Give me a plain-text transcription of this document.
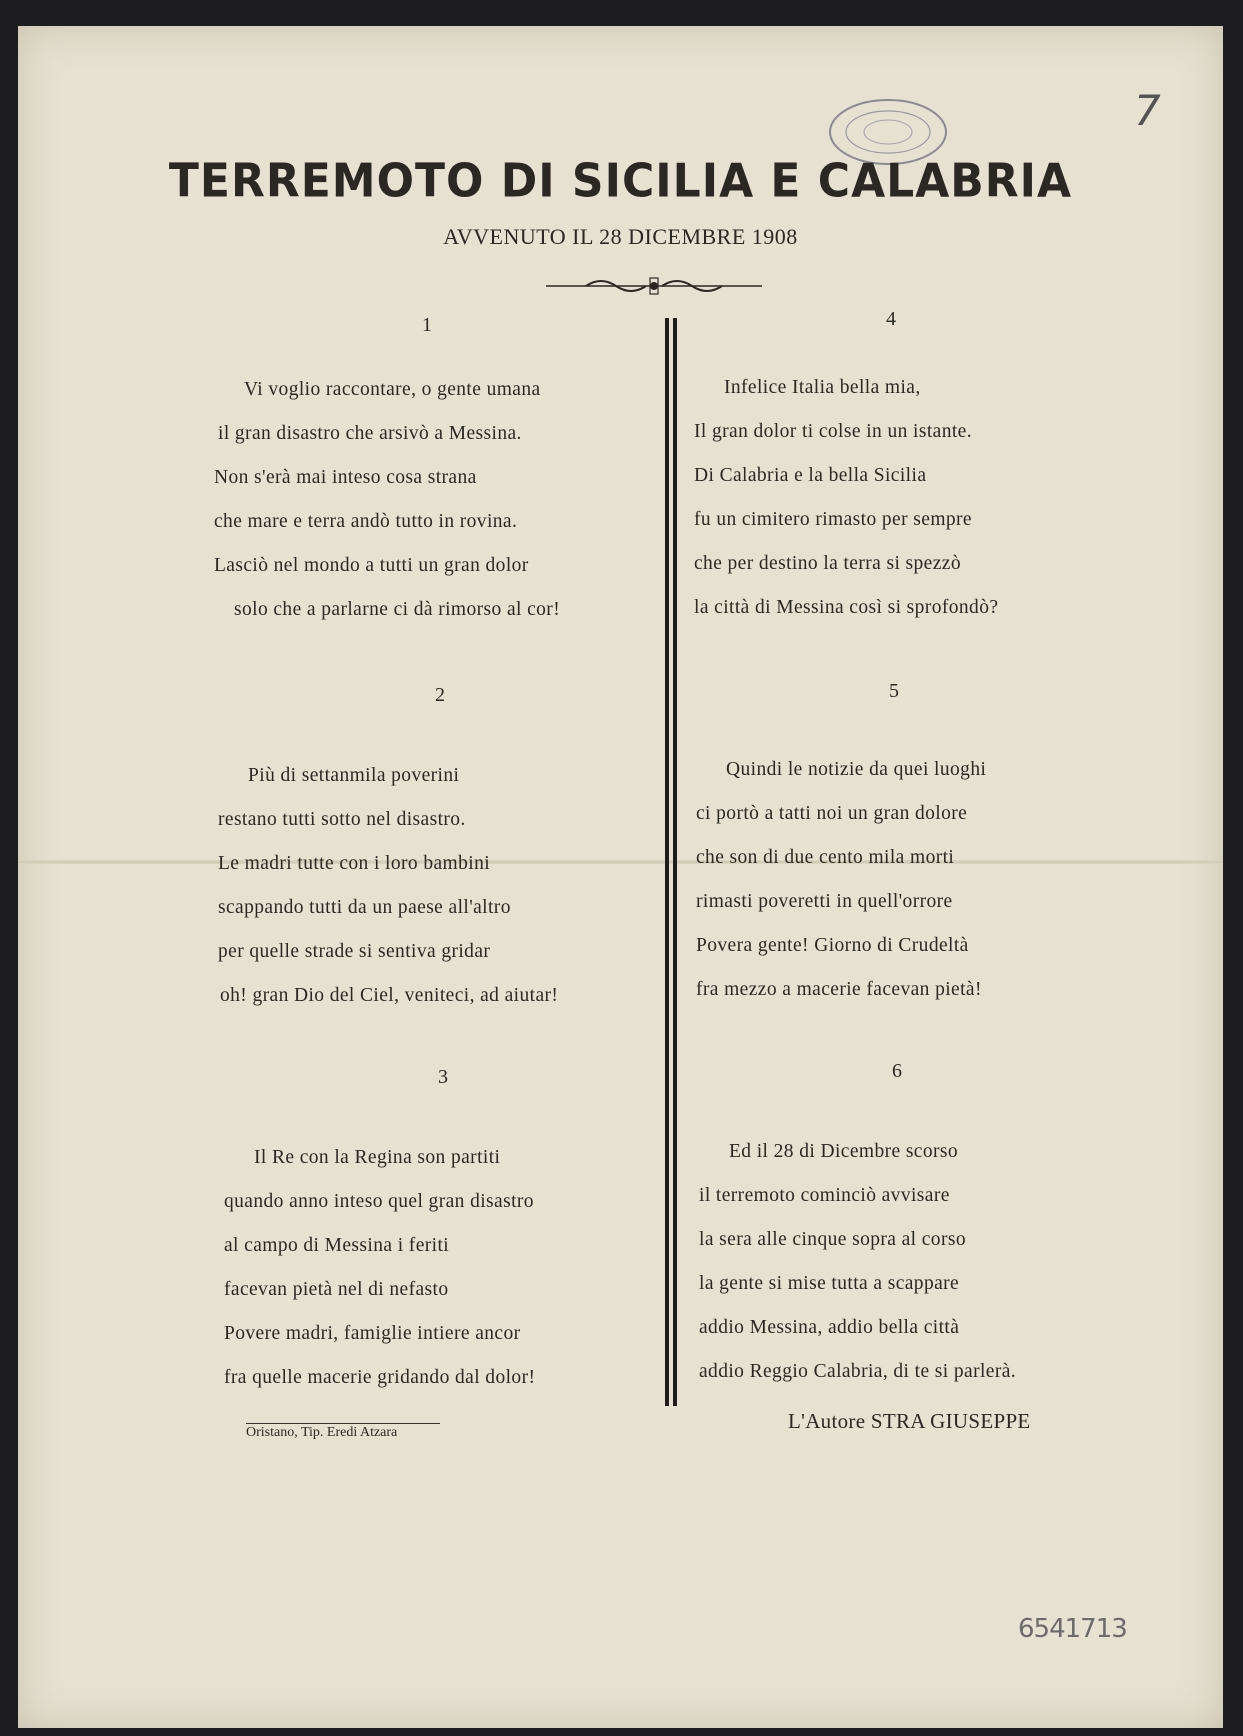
7
TERREMOTO DI SICILIA E CALABRIA
AVVENUTO IL 28 DICEMBRE 1908
1
Vi voglio raccontare, o gente umana
il gran disastro che arsivò a Messina.
Non s'erà mai inteso cosa strana
che mare e terra andò tutto in rovina.
Lasciò nel mondo a tutti un gran dolor
solo che a parlarne ci dà rimorso al cor!
2
Più di settanmila poverini
restano tutti sotto nel disastro.
Le madri tutte con i loro bambini
scappando tutti da un paese all'altro
per quelle strade si sentiva gridar
oh! gran Dio del Ciel, veniteci, ad aiutar!
3
Il Re con la Regina son partiti
quando anno inteso quel gran disastro
al campo di Messina i feriti
facevan pietà nel di nefasto
Povere madri, famiglie intiere ancor
fra quelle macerie gridando dal dolor!
4
Infelice Italia bella mia,
Il gran dolor ti colse in un istante.
Di Calabria e la bella Sicilia
fu un cimitero rimasto per sempre
che per destino la terra si spezzò
la città di Messina così si sprofondò?
5
Quindi le notizie da quei luoghi
ci portò a tatti noi un gran dolore
che son di due cento mila morti
rimasti poveretti in quell'orrore
Povera gente! Giorno di Crudeltà
fra mezzo a macerie facevan pietà!
6
Ed il 28 di Dicembre scorso
il terremoto cominciò avvisare
la sera alle cinque sopra al corso
la gente si mise tutta a scappare
addio Messina, addio bella città
addio Reggio Calabria, di te si parlerà.
Oristano, Tip. Eredi Atzara	L'Autore STRA GIUSEPPE
6541713
